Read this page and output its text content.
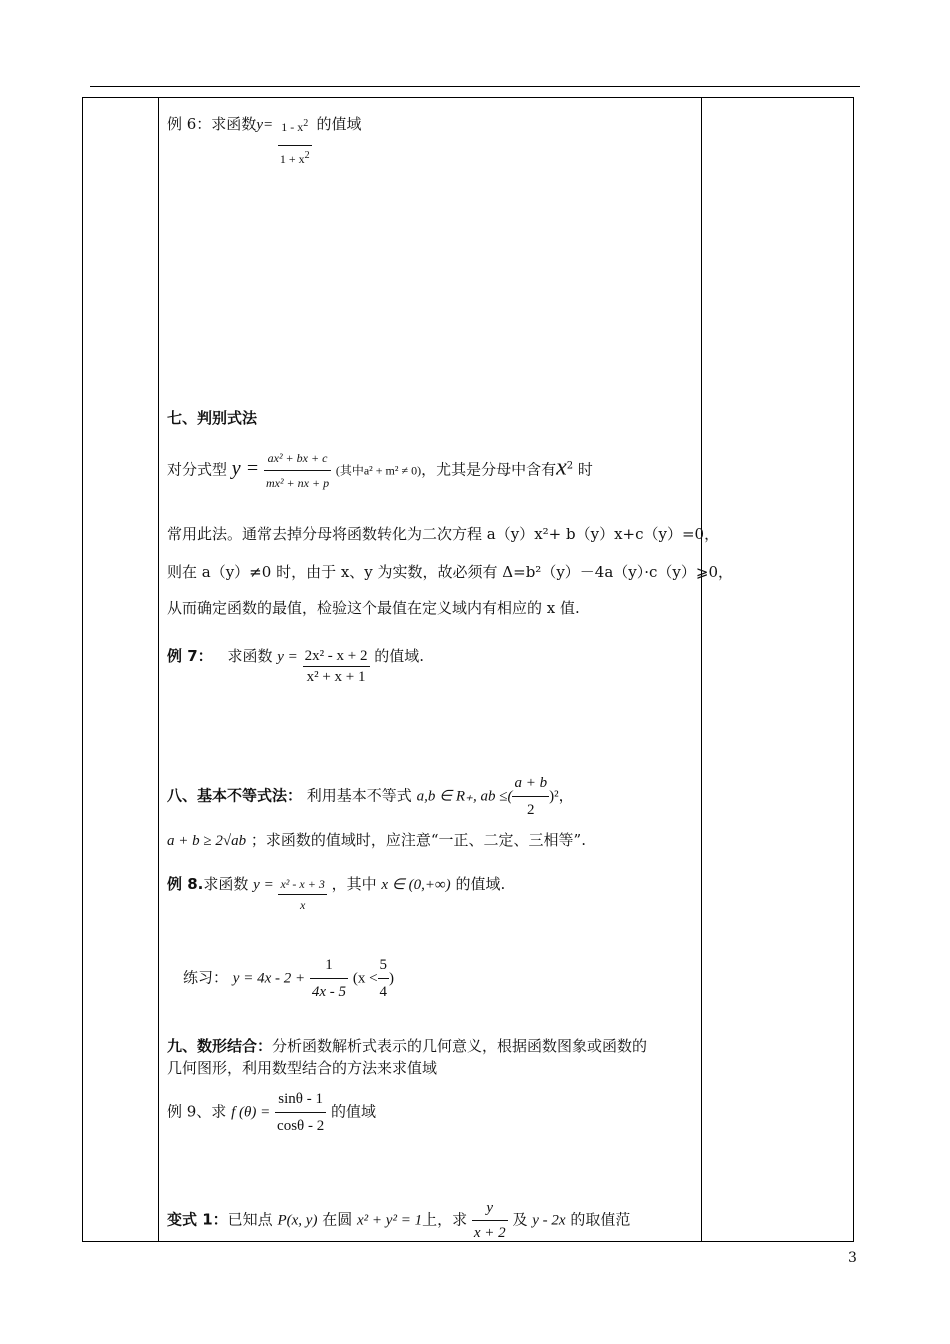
例 6：求函数$y= \frac{1 - x^2}{1 + x^2}$ 的值域
七、判别式法
对分式型 $y = \frac{\text{ax² + bx + c}}{\text{mx² + nx + p}}$ (其中a² + m² ≠ 0)，尤其是分母中含有$x^2$ 时
常用此法。通常去掉分母将函数转化为二次方程 a（y）x²+ b（y）x+c（y）=0，
则在 a（y）≠0 时，由于 x、y 为实数，故必须有 Δ=b²（y）－4a（y）·c（y）⩾0，
从而确定函数的最值，检验这个最值在定义域内有相应的 x 值.
例 7： 求函数 $y = \frac{\text{2x² - x + 2}}{\text{x² + x + 1}}$ 的值域.
八、基本不等式法： 利用基本不等式 a,b ∈ R₊, ab ≤( $\frac{a + b}{2} )^2$，
a + b ≥ 2√ab ；求函数的值域时，应注意“一正、二定、三相等”.
例 8.求函数 $y = \frac{\text{x² - x + 3}}{x}$ ，其中 x ∈ (0,+∞) 的值域.
练习： $y = 4x - 2 + \frac{1}{4x - 5} (x < \frac{5}{4}$ )
九、数形结合：分析函数解析式表示的几何意义，根据函数图象或函数的
几何图形，利用数型结合的方法来求值域
例 9、求 f $(\theta) = \frac{\sin\theta - 1}{\cos\theta - 2}$ 的值域
变式 1：已知点 P(x, y) 在圆 x² + y² = 1上，求 $\frac{y}{x + 2}$ 及 y - 2x 的取值范
3
